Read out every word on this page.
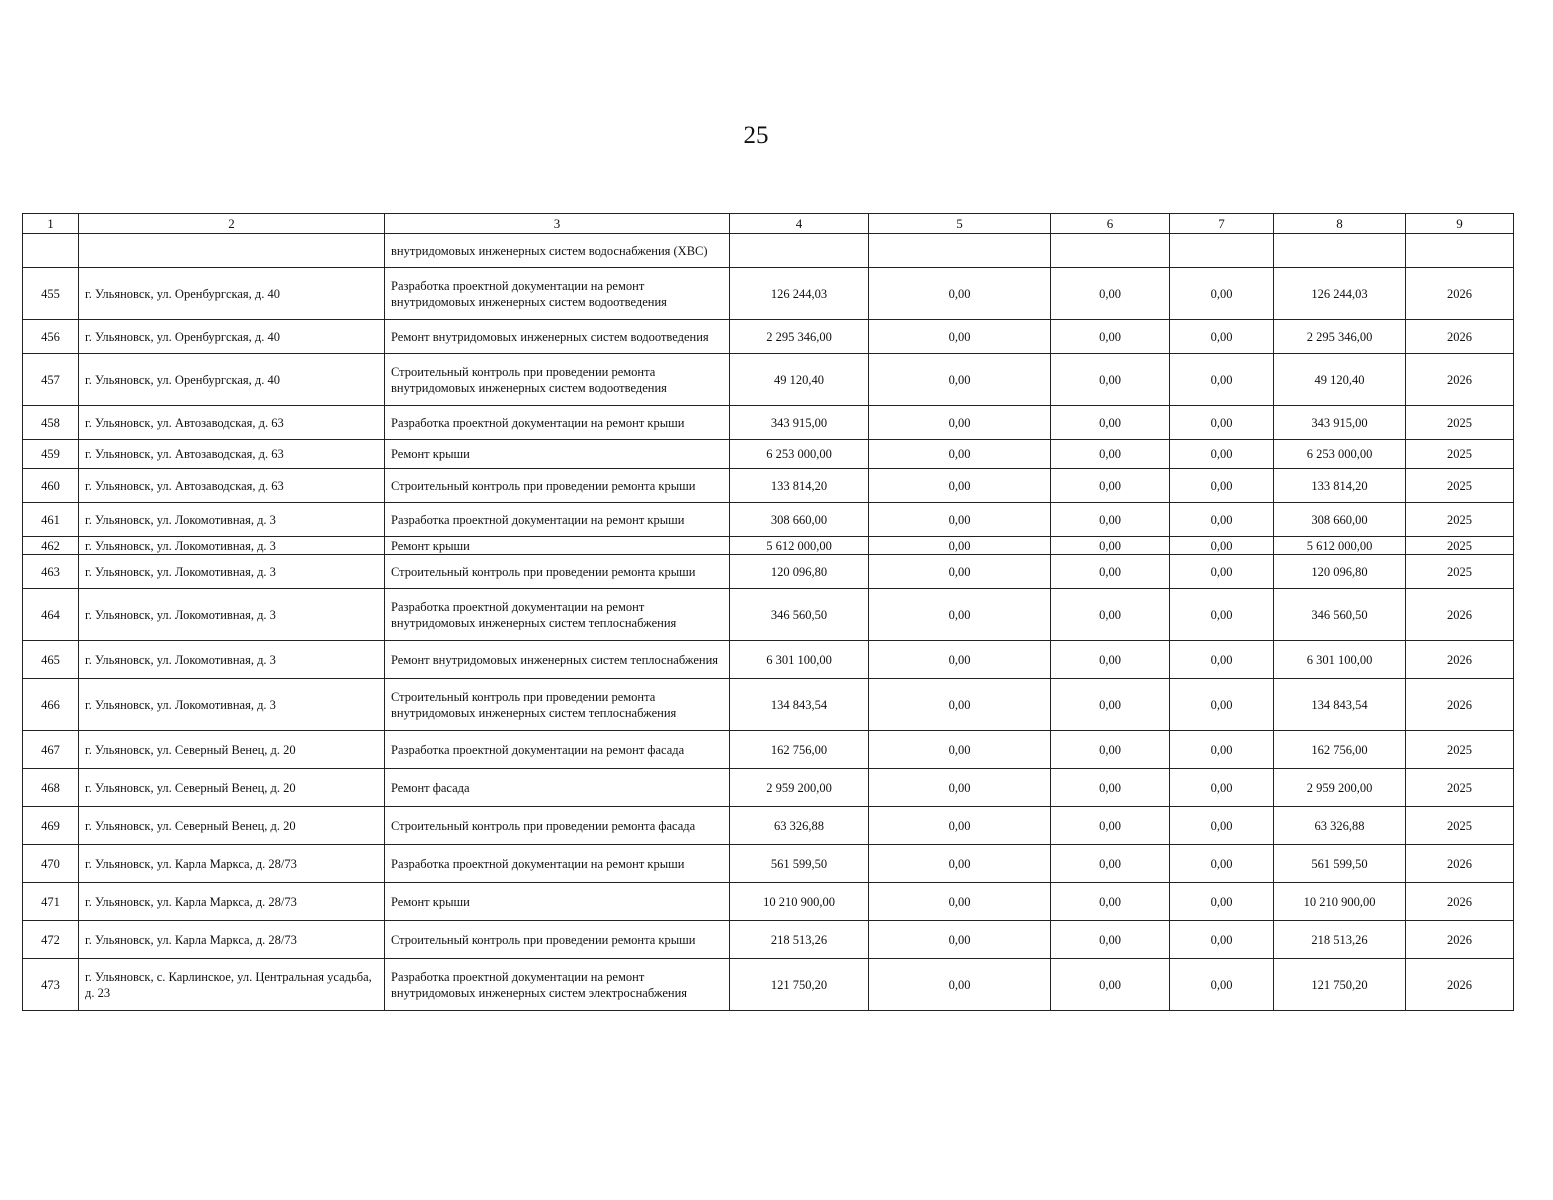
25
1	2	3	4	5	6	7	8	9
		внутридомовых инженерных систем водоснабжения (ХВС)						
455	г. Ульяновск, ул. Оренбургская, д. 40	Разработка проектной документации на ремонт внутридомовых инженерных систем водоотведения	126 244,03	0,00	0,00	0,00	126 244,03	2026
456	г. Ульяновск, ул. Оренбургская, д. 40	Ремонт внутридомовых инженерных систем водоотведения	2 295 346,00	0,00	0,00	0,00	2 295 346,00	2026
457	г. Ульяновск, ул. Оренбургская, д. 40	Строительный контроль при проведении ремонта внутридомовых инженерных систем водоотведения	49 120,40	0,00	0,00	0,00	49 120,40	2026
458	г. Ульяновск, ул. Автозаводская, д. 63	Разработка проектной документации на ремонт крыши	343 915,00	0,00	0,00	0,00	343 915,00	2025
459	г. Ульяновск, ул. Автозаводская, д. 63	Ремонт крыши	6 253 000,00	0,00	0,00	0,00	6 253 000,00	2025
460	г. Ульяновск, ул. Автозаводская, д. 63	Строительный контроль при проведении ремонта крыши	133 814,20	0,00	0,00	0,00	133 814,20	2025
461	г. Ульяновск, ул. Локомотивная, д. 3	Разработка проектной документации на ремонт крыши	308 660,00	0,00	0,00	0,00	308 660,00	2025
462	г. Ульяновск, ул. Локомотивная, д. 3	Ремонт крыши	5 612 000,00	0,00	0,00	0,00	5 612 000,00	2025
463	г. Ульяновск, ул. Локомотивная, д. 3	Строительный контроль при проведении ремонта крыши	120 096,80	0,00	0,00	0,00	120 096,80	2025
464	г. Ульяновск, ул. Локомотивная, д. 3	Разработка проектной документации на ремонт внутридомовых инженерных систем теплоснабжения	346 560,50	0,00	0,00	0,00	346 560,50	2026
465	г. Ульяновск, ул. Локомотивная, д. 3	Ремонт внутридомовых инженерных систем теплоснабжения	6 301 100,00	0,00	0,00	0,00	6 301 100,00	2026
466	г. Ульяновск, ул. Локомотивная, д. 3	Строительный контроль при проведении ремонта внутридомовых инженерных систем теплоснабжения	134 843,54	0,00	0,00	0,00	134 843,54	2026
467	г. Ульяновск, ул. Северный Венец, д. 20	Разработка проектной документации на ремонт фасада	162 756,00	0,00	0,00	0,00	162 756,00	2025
468	г. Ульяновск, ул. Северный Венец, д. 20	Ремонт фасада	2 959 200,00	0,00	0,00	0,00	2 959 200,00	2025
469	г. Ульяновск, ул. Северный Венец, д. 20	Строительный контроль при проведении ремонта фасада	63 326,88	0,00	0,00	0,00	63 326,88	2025
470	г. Ульяновск, ул. Карла Маркса, д. 28/73	Разработка проектной документации на ремонт крыши	561 599,50	0,00	0,00	0,00	561 599,50	2026
471	г. Ульяновск, ул. Карла Маркса, д. 28/73	Ремонт крыши	10 210 900,00	0,00	0,00	0,00	10 210 900,00	2026
472	г. Ульяновск, ул. Карла Маркса, д. 28/73	Строительный контроль при проведении ремонта крыши	218 513,26	0,00	0,00	0,00	218 513,26	2026
473	г. Ульяновск, с. Карлинское, ул. Центральная усадьба, д. 23	Разработка проектной документации на ремонт внутридомовых инженерных систем электроснабжения	121 750,20	0,00	0,00	0,00	121 750,20	2026
